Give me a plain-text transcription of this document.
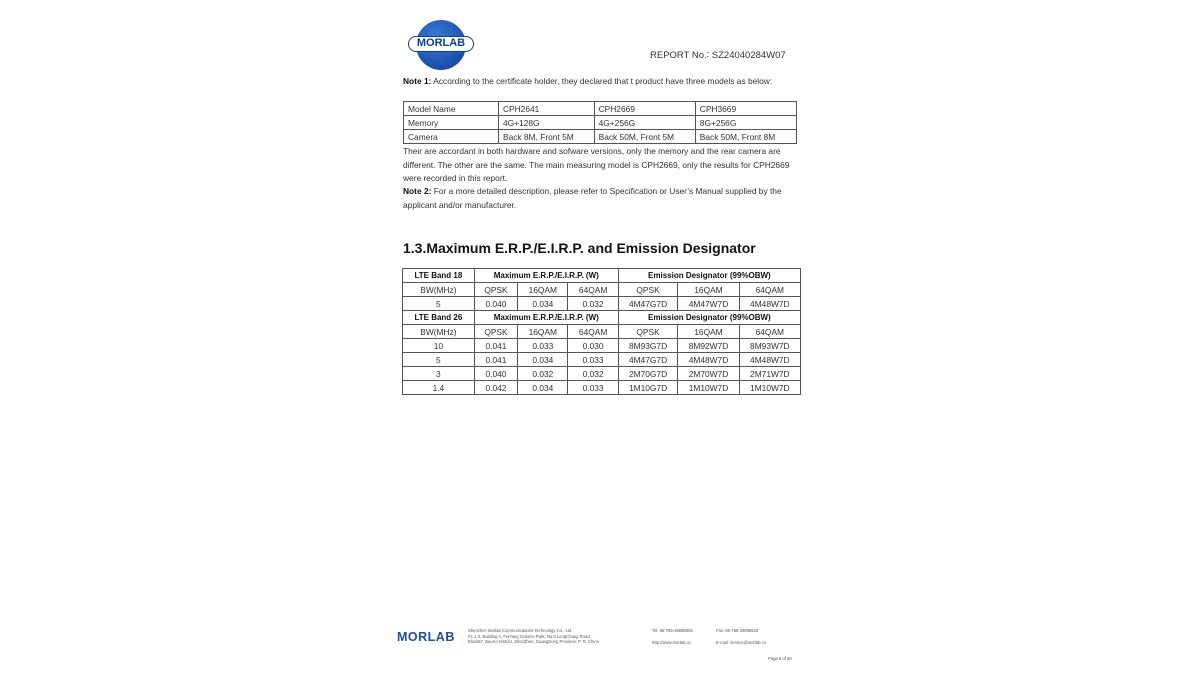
MORLAB
REPORT No.∶ SZ24040284W07
Note 1: According to the certificate holder, they declared that t product have three models as below:
Model Name	CPH2641	CPH2669	CPH3669
Memory	4G+128G	4G+256G	8G+256G
Camera	Back 8M, Front 5M	Back 50M, Front 5M	Back 50M, Front 8M
Their are accordant in both hardware and sofware versions, only the memory and the rear camera are different. The other are the same. The main measuring model is CPH2669, only the results for CPH2669 were recorded in this report.
Note 2: For a more detailed description, please refer to Specification or User’s Manual supplied by the applicant and/or manufacturer.
1.3.Maximum E.R.P./E.I.R.P. and Emission Designator
LTE Band 18	Maximum E.R.P./E.I.R.P. (W)			Emission Designator (99%OBW)		
BW(MHz)	QPSK	16QAM	64QAM	QPSK	16QAM	64QAM
5	0.040	0.034	0.032	4M47G7D	4M47W7D	4M48W7D
LTE Band 26	Maximum E.R.P./E.I.R.P. (W)			Emission Designator (99%OBW)		
BW(MHz)	QPSK	16QAM	64QAM	QPSK	16QAM	64QAM
10	0.041	0.033	0.030	8M93G7D	8M92W7D	8M93W7D
5	0.041	0.034	0.033	4M47G7D	4M48W7D	4M48W7D
3	0.040	0.032	0.032	2M70G7D	2M70W7D	2M71W7D
1.4	0.042	0.034	0.033	1M10G7D	1M10W7D	1M10W7D
MORLAB	Shenzhen Morlab Communications Technology Co., Ltd.
FL.1-3, Building A, FeiYang Science Park, No.8 LongChang Road,
Block67, BaoAn District, ShenZhen, GuangDong Province, P. R. China
Tel: 86-755-36698555	Fax: 86-755-36698525
http://www.morlab.cn	E-mail: service@morlab.cn
Page 6 of 60
